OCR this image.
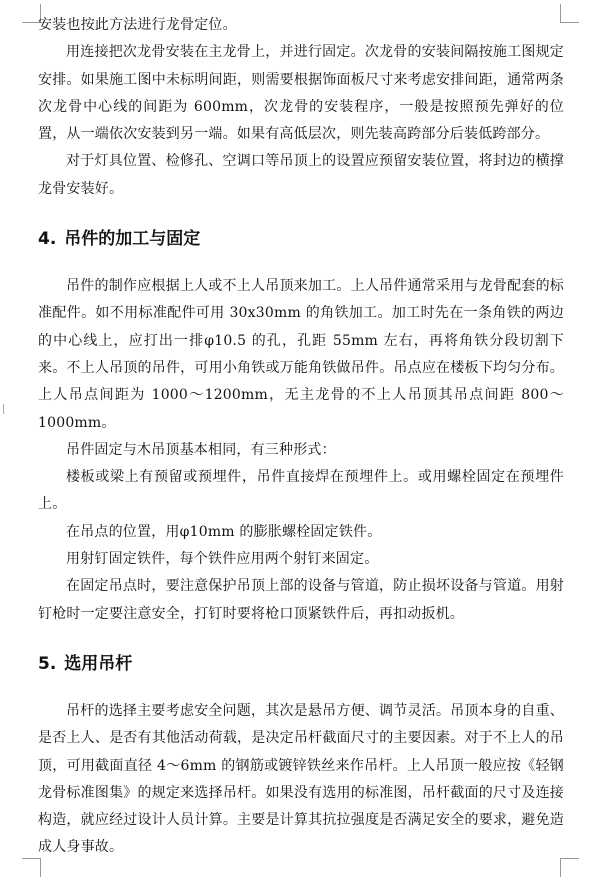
安装也按此方法进行龙骨定位。

用连接把次龙骨安装在主龙骨上，并进行固定。次龙骨的安装间隔按施工图规定安排。如果施工图中未标明间距，则需要根据饰面板尺寸来考虑安排间距，通常两条次龙骨中心线的间距为 600mm，次龙骨的安装程序，一般是按照预先弹好的位置，从一端依次安装到另一端。如果有高低层次，则先装高跨部分后装低跨部分。

对于灯具位置、检修孔、空调口等吊顶上的设置应预留安装位置，将封边的横撑龙骨安装好。

4. 吊件的加工与固定

吊件的制作应根据上人或不上人吊顶来加工。上人吊件通常采用与龙骨配套的标准配件。如不用标准配件可用 30x30mm 的角铁加工。加工时先在一条角铁的两边的中心线上，应打出一排φ10.5 的孔，孔距 55mm 左右，再将角铁分段切割下来。不上人吊顶的吊件，可用小角铁或万能角铁做吊件。吊点应在楼板下均匀分布。上人吊点间距为 1000～1200mm，无主龙骨的不上人吊顶其吊点间距 800～1000mm。

吊件固定与木吊顶基本相同，有三种形式：

楼板或梁上有预留或预埋件，吊件直接焊在预埋件上。或用螺栓固定在预埋件上。

在吊点的位置，用φ10mm 的膨胀螺栓固定铁件。

用射钉固定铁件，每个铁件应用两个射钉来固定。

在固定吊点时，要注意保护吊顶上部的设备与管道，防止损坏设备与管道。用射钉枪时一定要注意安全，打钉时要将枪口顶紧铁件后，再扣动扳机。

5. 选用吊杆

吊杆的选择主要考虑安全问题，其次是悬吊方便、调节灵活。吊顶本身的自重、是否上人、是否有其他活动荷载，是决定吊杆截面尺寸的主要因素。对于不上人的吊顶，可用截面直径 4～6mm 的钢筋或镀锌铁丝来作吊杆。上人吊顶一般应按《轻钢龙骨标准图集》的规定来选择吊杆。如果没有选用的标准图，吊杆截面的尺寸及连接构造，就应经过设计人员计算。主要是计算其抗拉强度是否满足安全的要求，避免造成人身事故。
